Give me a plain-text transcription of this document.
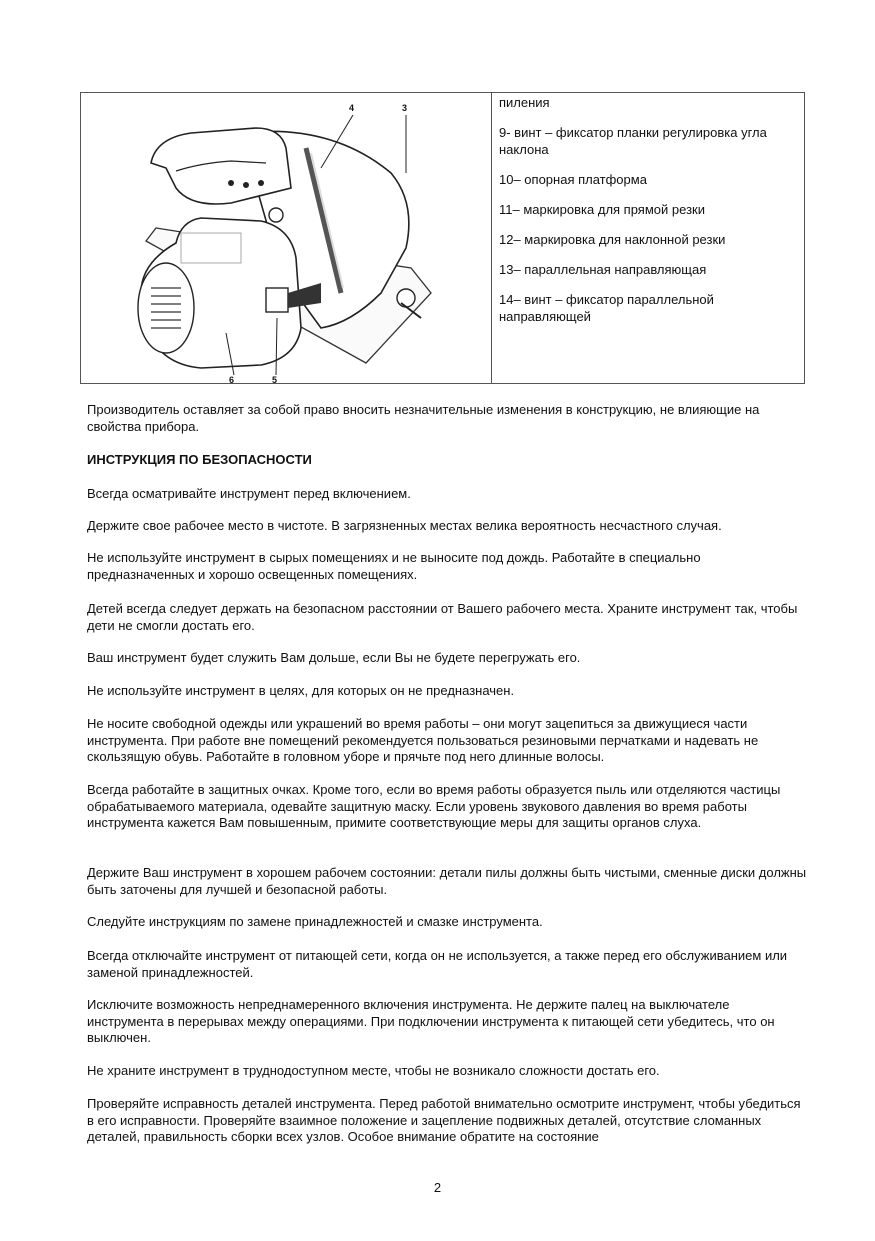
4	3
6	5

пиления

9- винт – фиксатор планки регулировка угла наклона

10– опорная платформа

11– маркировка для прямой резки

12– маркировка для наклонной резки

13– параллельная направляющая

14– винт – фиксатор параллельной направляющей

Производитель оставляет за собой право вносить незначительные изменения в конструкцию, не влияющие на свойства прибора.
ИНСТРУКЦИЯ ПО БЕЗОПАСНОСТИ
Всегда осматривайте инструмент перед включением.
Держите свое рабочее место в чистоте. В загрязненных местах велика вероятность несчастного случая.
Не используйте инструмент в сырых помещениях и не выносите под дождь. Работайте в специально предназначенных и хорошо освещенных помещениях.
Детей всегда следует держать на безопасном расстоянии от Вашего рабочего места. Храните инструмент так, чтобы дети не смогли достать его.
Ваш инструмент будет служить Вам дольше, если Вы не будете перегружать его.
Не используйте инструмент в целях, для которых он не предназначен.
Не носите свободной одежды или украшений во время работы – они могут зацепиться за движущиеся части инструмента. При работе вне помещений рекомендуется пользоваться резиновыми перчатками и надевать не скользящую обувь. Работайте в головном уборе и прячьте под него длинные волосы.
Всегда работайте в защитных очках. Кроме того, если во время работы образуется пыль или отделяются частицы обрабатываемого материала, одевайте защитную маску. Если уровень звукового давления во время работы инструмента кажется Вам повышенным, примите соответствующие меры для защиты органов слуха.
Держите Ваш инструмент в хорошем рабочем состоянии: детали пилы должны быть чистыми, сменные диски должны быть заточены для лучшей и безопасной работы.
Следуйте инструкциям по замене принадлежностей и смазке инструмента.
Всегда отключайте инструмент от питающей сети, когда он не используется, а также перед его обслуживанием или заменой принадлежностей.
Исключите возможность непреднамеренного включения инструмента. Не держите палец на выключателе инструмента в перерывах между операциями. При подключении инструмента к питающей сети убедитесь, что он выключен.
Не храните инструмент в труднодоступном месте, чтобы не возникало сложности достать его.
Проверяйте исправность деталей инструмента. Перед работой внимательно осмотрите инструмент, чтобы убедиться в его исправности. Проверяйте взаимное положение и зацепление подвижных деталей, отсутствие сломанных деталей, правильность сборки всех узлов. Особое внимание обратите на состояние
2
